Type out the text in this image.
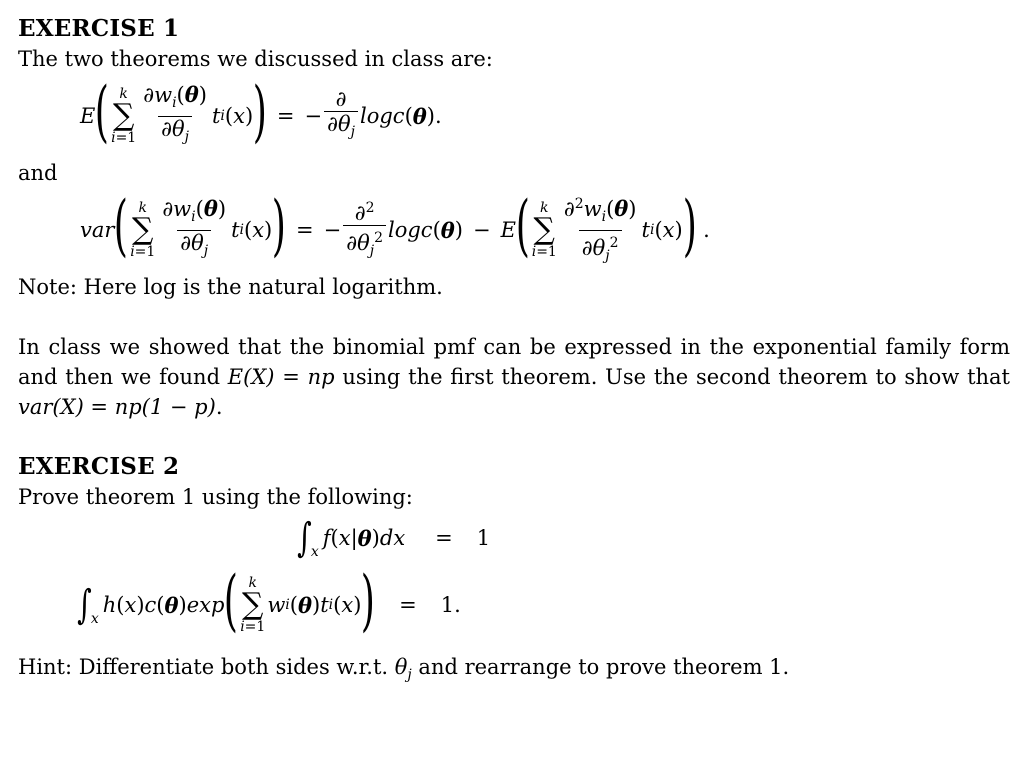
EXERCISE 1
The two theorems we discussed in class are:
E ( k
∑
$i=1 \frac{\partial w_i(\theta)}{\partial\theta_j}$ t i ( x ) ) = − $\frac{\partial}{\partial\theta_j}$ logc ( θ ).
and
var ( k
∑
$i=1 \frac{\partial w_i(\theta)}{\partial\theta_j}$ t i ( x ) ) = − $\frac{\partial^2}{\partial\theta_j^2}$ logc ( θ ) − E ( k
∑
$i=1 \frac{\partial^2w_i(\theta)}{\partial\theta_j^2}$ t i ( x ) ) .
Note: Here log is the natural logarithm.
In class we showed that the binomial pmf can be expressed in the exponential family form and then we found E(X) = np using the first theorem. Use the second theorem to show that var(X) = np(1 − p).
EXERCISE 2
Prove theorem 1 using the following:
∫ x
f ( x | θ ) dx = 1
∫ x
h ( x ) c ( θ ) exp ( k
∑
i=1
w i ( θ ) t i ( x ) ) = 1.
Hint: Differentiate both sides w.r.t. $\theta_j$ and rearrange to prove theorem 1.
